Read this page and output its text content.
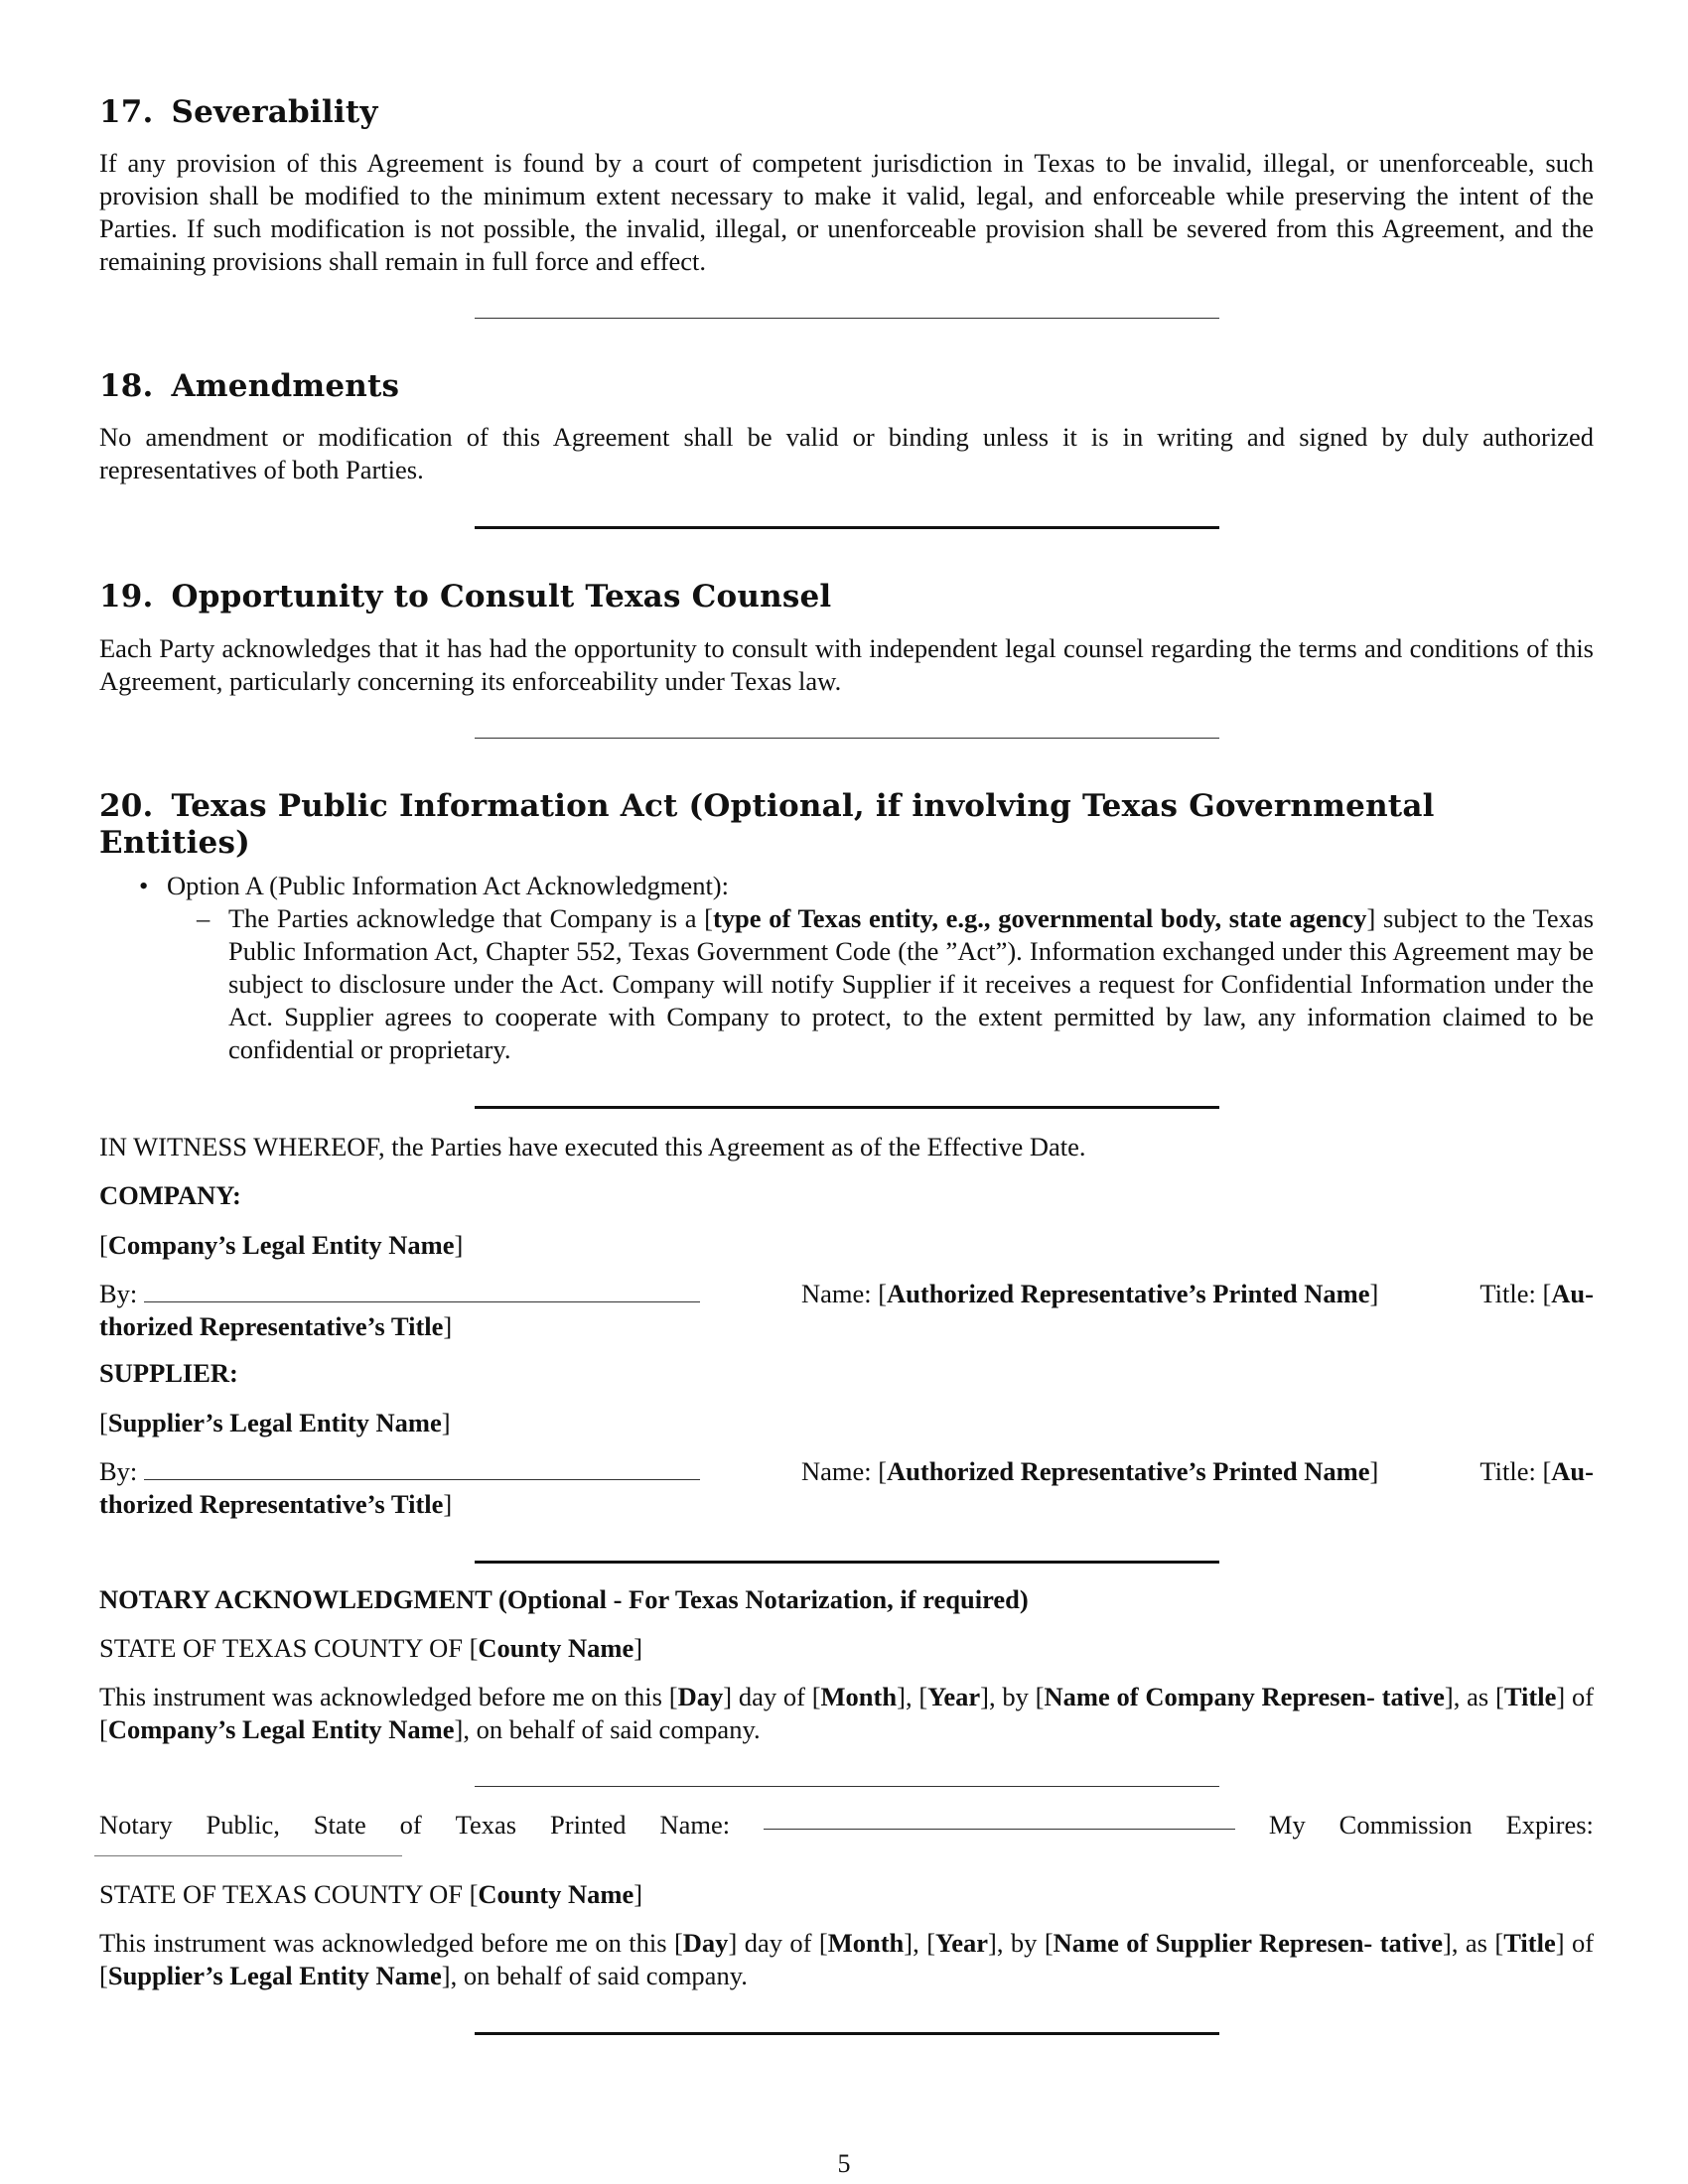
17. Severability

If any provision of this Agreement is found by a court of competent jurisdiction in Texas to be invalid, illegal, or unenforceable, such provision shall be modified to the minimum extent necessary to make it valid, legal, and enforceable while preserving the intent of the Parties. If such modification is not possible, the invalid, illegal, or unenforceable provision shall be severed from this Agreement, and the remaining provisions shall remain in full force and effect.

18. Amendments

No amendment or modification of this Agreement shall be valid or binding unless it is in writing and signed by duly authorized representatives of both Parties.

19. Opportunity to Consult Texas Counsel

Each Party acknowledges that it has had the opportunity to consult with independent legal counsel regarding the terms and conditions of this Agreement, particularly concerning its enforceability under Texas law.

20. Texas Public Information Act (Optional, if involving Texas Governmental Entities)
• Option A (Public Information Act Acknowledgment):
– The Parties acknowledge that Company is a [type of Texas entity, e.g., governmental body, state agency] subject to the Texas Public Information Act, Chapter 552, Texas Government Code (the ”Act”). Information exchanged under this Agreement may be subject to disclosure under the Act. Company will notify Supplier if it receives a request for Confidential Information under the Act. Supplier agrees to cooperate with Company to protect, to the extent permitted by law, any information claimed to be confidential or proprietary.

IN WITNESS WHEREOF, the Parties have executed this Agreement as of the Effective Date.

COMPANY:

[Company’s Legal Entity Name]

By:	Name: [Authorized Representative’s Printed Name]	Title: [Au-
thorized Representative’s Title]

SUPPLIER:

[Supplier’s Legal Entity Name]

By:	Name: [Authorized Representative’s Printed Name]	Title: [Au-
thorized Representative’s Title]

NOTARY ACKNOWLEDGMENT (Optional - For Texas Notarization, if required)

STATE OF TEXAS COUNTY OF [County Name]

This instrument was acknowledged before me on this [Day] day of [Month], [Year], by [Name of Company Represen- tative], as [Title] of [Company’s Legal Entity Name], on behalf of said company.

Notary Public, State of Texas Printed Name:	My Commission Expires:

STATE OF TEXAS COUNTY OF [County Name]

This instrument was acknowledged before me on this [Day] day of [Month], [Year], by [Name of Supplier Represen- tative], as [Title] of [Supplier’s Legal Entity Name], on behalf of said company.

5
